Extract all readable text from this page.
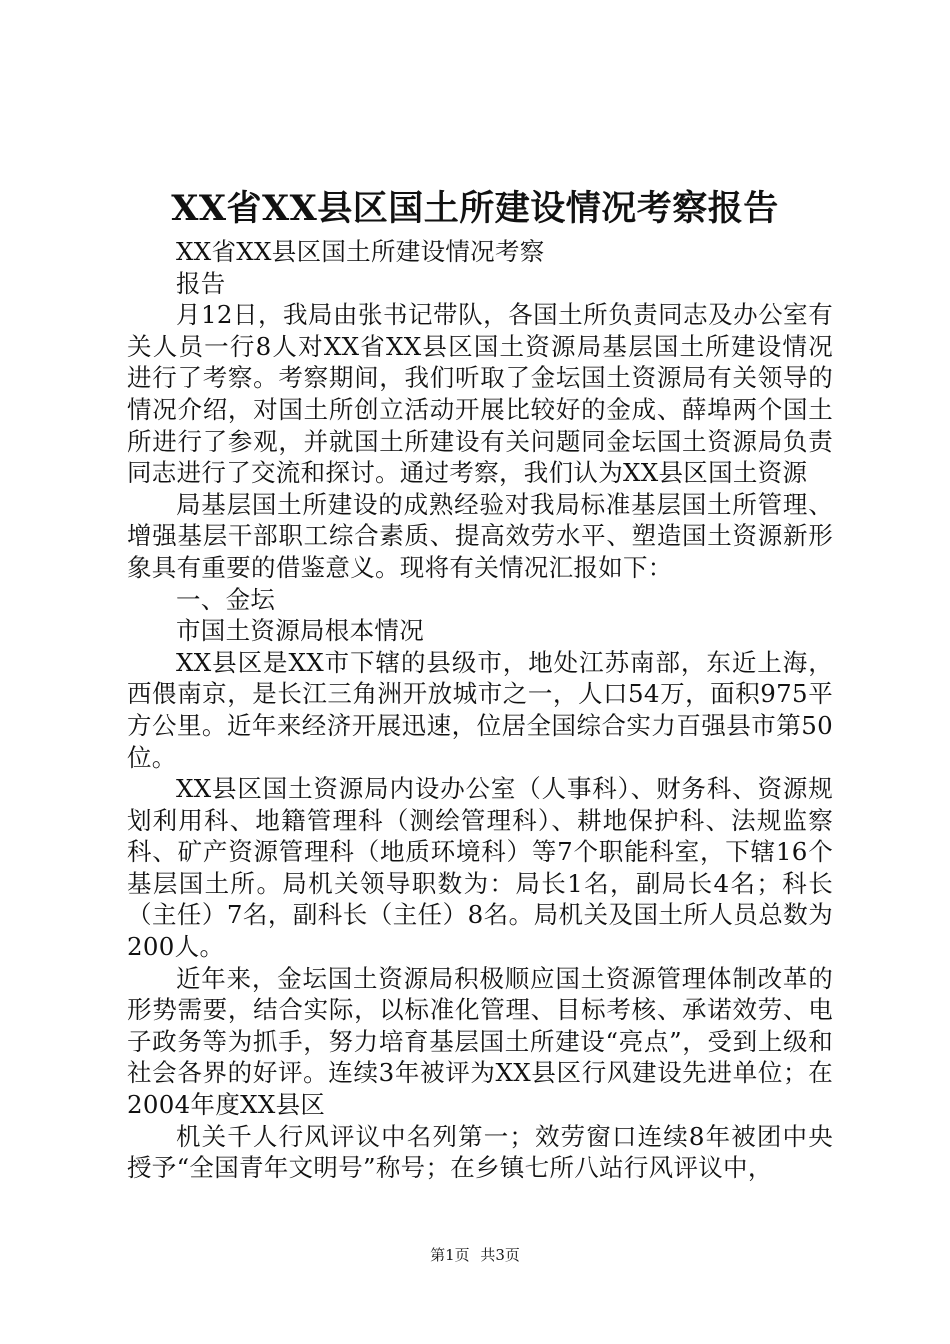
XX省XX县区国土所建设情况考察报告

XX省XX县区国土所建设情况考察

报告

月12日，我局由张书记带队，各国土所负责同志及办公室有关人员一行8人对XX省XX县区国土资源局基层国土所建设情况进行了考察。考察期间，我们听取了金坛国土资源局有关领导的情况介绍，对国土所创立活动开展比较好的金成、薛埠两个国土所进行了参观，并就国土所建设有关问题同金坛国土资源局负责同志进行了交流和探讨。通过考察，我们认为XX县区国土资源

局基层国土所建设的成熟经验对我局标准基层国土所管理、增强基层干部职工综合素质、提高效劳水平、塑造国土资源新形象具有重要的借鉴意义。现将有关情况汇报如下：

一、金坛

市国土资源局根本情况

XX县区是XX市下辖的县级市，地处江苏南部，东近上海，西偎南京，是长江三角洲开放城市之一，人口54万，面积975平方公里。近年来经济开展迅速，位居全国综合实力百强县市第50位。

XX县区国土资源局内设办公室（人事科）、财务科、资源规划利用科、地籍管理科（测绘管理科）、耕地保护科、法规监察科、矿产资源管理科（地质环境科）等7个职能科室，下辖16个基层国土所。局机关领导职数为：局长1名，副局长4名；科长（主任）7名，副科长（主任）8名。局机关及国土所人员总数为200人。

近年来，金坛国土资源局积极顺应国土资源管理体制改革的形势需要，结合实际，以标准化管理、目标考核、承诺效劳、电子政务等为抓手，努力培育基层国土所建设“亮点”，受到上级和社会各界的好评。连续3年被评为XX县区行风建设先进单位；在2004年度XX县区

机关千人行风评议中名列第一；效劳窗口连续8年被团中央授予“全国青年文明号”称号；在乡镇七所八站行风评议中，

第1页 共3页
